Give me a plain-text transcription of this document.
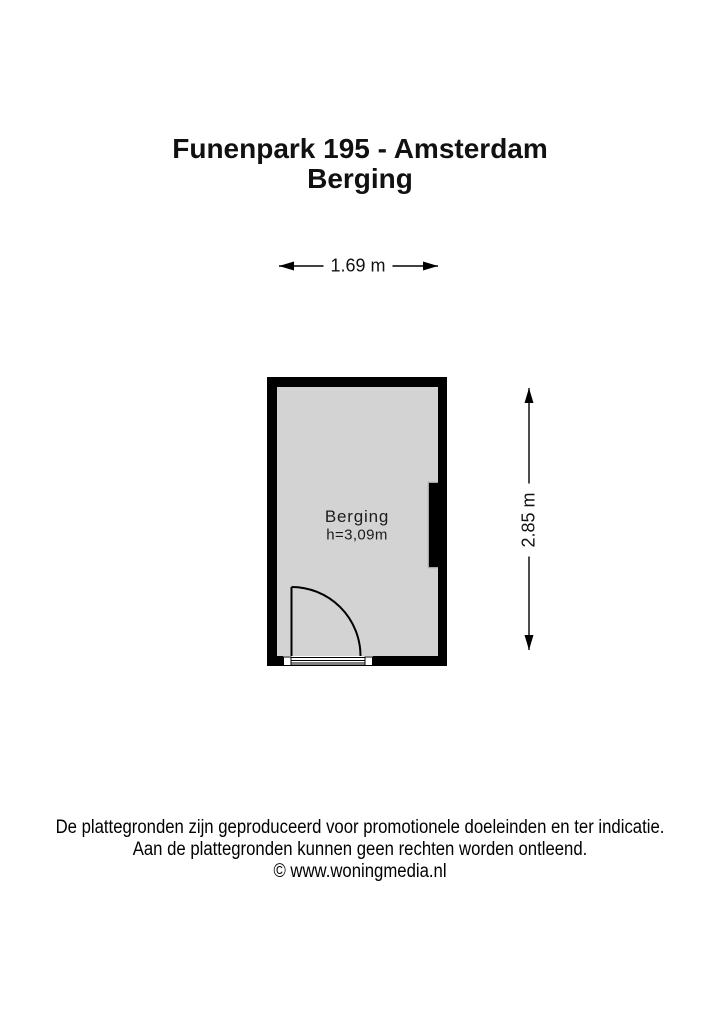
Funenpark 195 - Amsterdam
Berging
1.69 m
2.85 m
Berging
h=3,09m
De plattegronden zijn geproduceerd voor promotionele doeleinden en ter indicatie.
Aan de plattegronden kunnen geen rechten worden ontleend.
© www.woningmedia.nl
